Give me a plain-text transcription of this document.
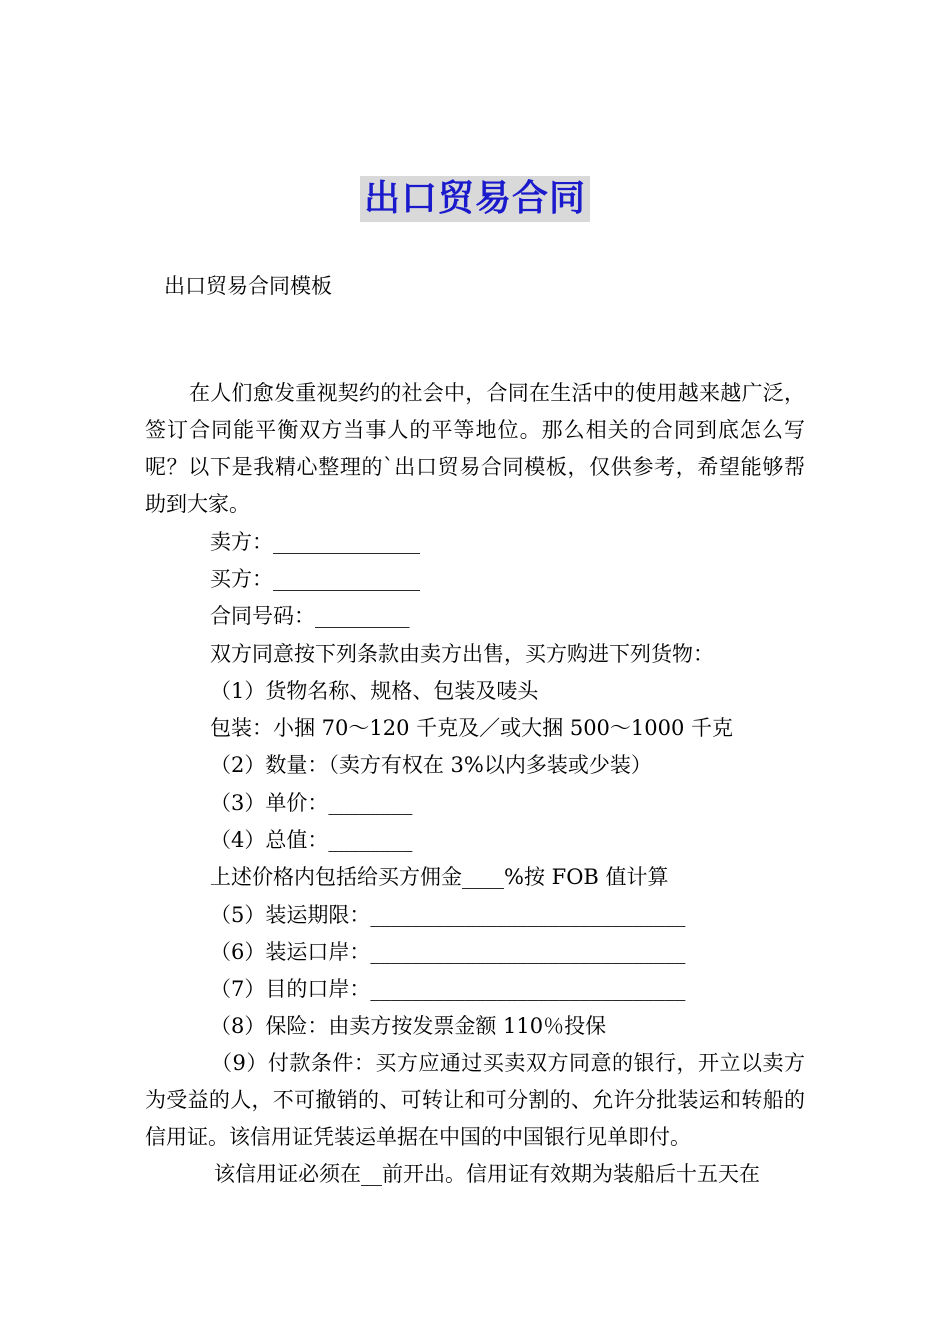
出口贸易合同
出口贸易合同模板
在人们愈发重视契约的社会中，合同在生活中的使用越来越广泛，签订合同能平衡双方当事人的平等地位。那么相关的合同到底怎么写呢？以下是我精心整理的`出口贸易合同模板，仅供参考，希望能够帮助到大家。
卖方：______________
买方：______________
合同号码：_________
双方同意按下列条款由卖方出售，买方购进下列货物：
（1）货物名称、规格、包装及唛头
包装：小捆 70～120 千克及／或大捆 500～1000 千克
（2）数量：（卖方有权在 3%以内多装或少装）
（3）单价：________
（4）总值：________
上述价格内包括给买方佣金____%按 FOB 值计算
（5）装运期限：______________________________
（6）装运口岸：______________________________
（7）目的口岸：______________________________
（8）保险：由卖方按发票金额 110％投保
（9）付款条件：买方应通过买卖双方同意的银行，开立以卖方为受益的人，不可撤销的、可转让和可分割的、允许分批装运和转船的信用证。该信用证凭装运单据在中国的中国银行见单即付。
该信用证必须在__前开出。信用证有效期为装船后十五天在
